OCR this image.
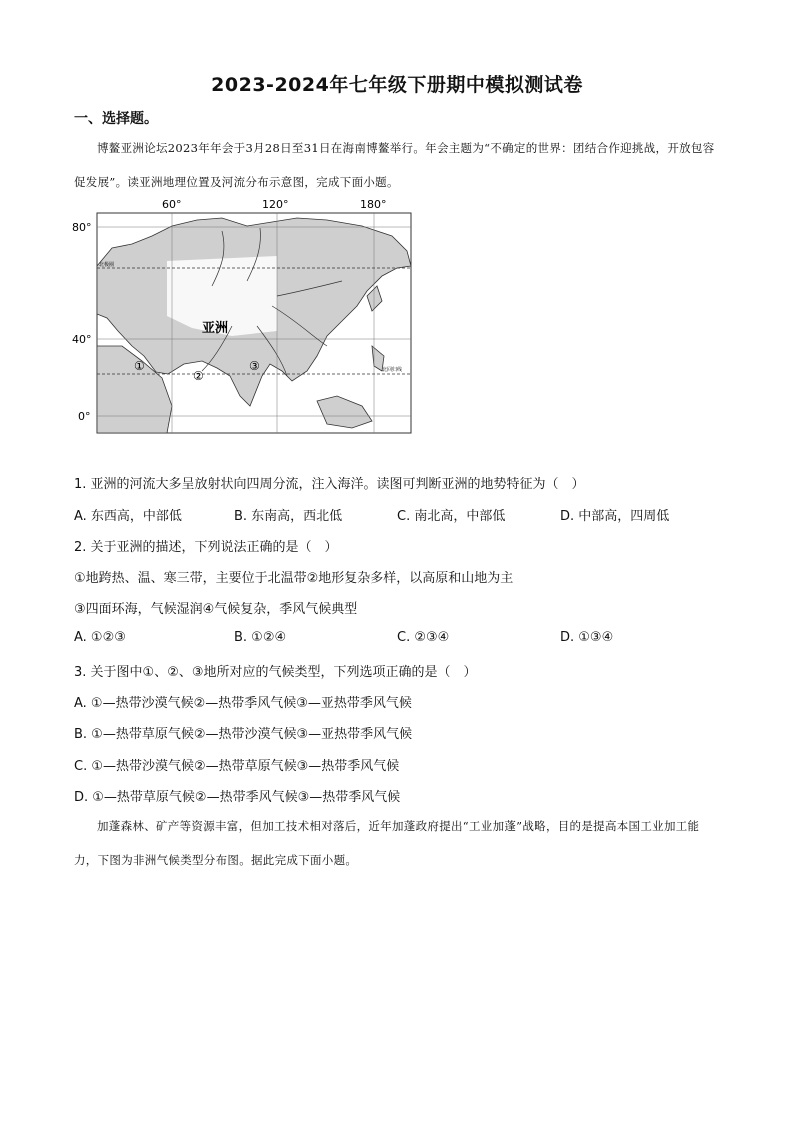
2023-2024年七年级下册期中模拟测试卷
一、选择题。
博鳌亚洲论坛2023年年会于3月28日至31日在海南博鳌举行。年会主题为“不确定的世界：团结合作迎挑战，开放包容促发展”。读亚洲地理位置及河流分布示意图，完成下面小题。
60°	120°	180°
80°
40°
0°
亚洲
北极圈
北回归线
①
②
③
1. 亚洲的河流大多呈放射状向四周分流，注入海洋。读图可判断亚洲的地势特征为（　）
A. 东西高，中部低	B. 东南高，西北低	C. 南北高，中部低	D. 中部高，四周低
2. 关于亚洲的描述，下列说法正确的是（　）
①地跨热、温、寒三带，主要位于北温带②地形复杂多样，以高原和山地为主
③四面环海，气候湿润④气候复杂，季风气候典型
A. ①②③	B. ①②④	C. ②③④	D. ①③④
3. 关于图中①、②、③地所对应的气候类型，下列选项正确的是（　）
A. ①—热带沙漠气候②—热带季风气候③—亚热带季风气候
B. ①—热带草原气候②—热带沙漠气候③—亚热带季风气候
C. ①—热带沙漠气候②—热带草原气候③—热带季风气候
D. ①—热带草原气候②—热带季风气候③—热带季风气候
加蓬森林、矿产等资源丰富，但加工技术相对落后，近年加蓬政府提出“工业加蓬”战略，目的是提高本国工业加工能力，下图为非洲气候类型分布图。据此完成下面小题。
